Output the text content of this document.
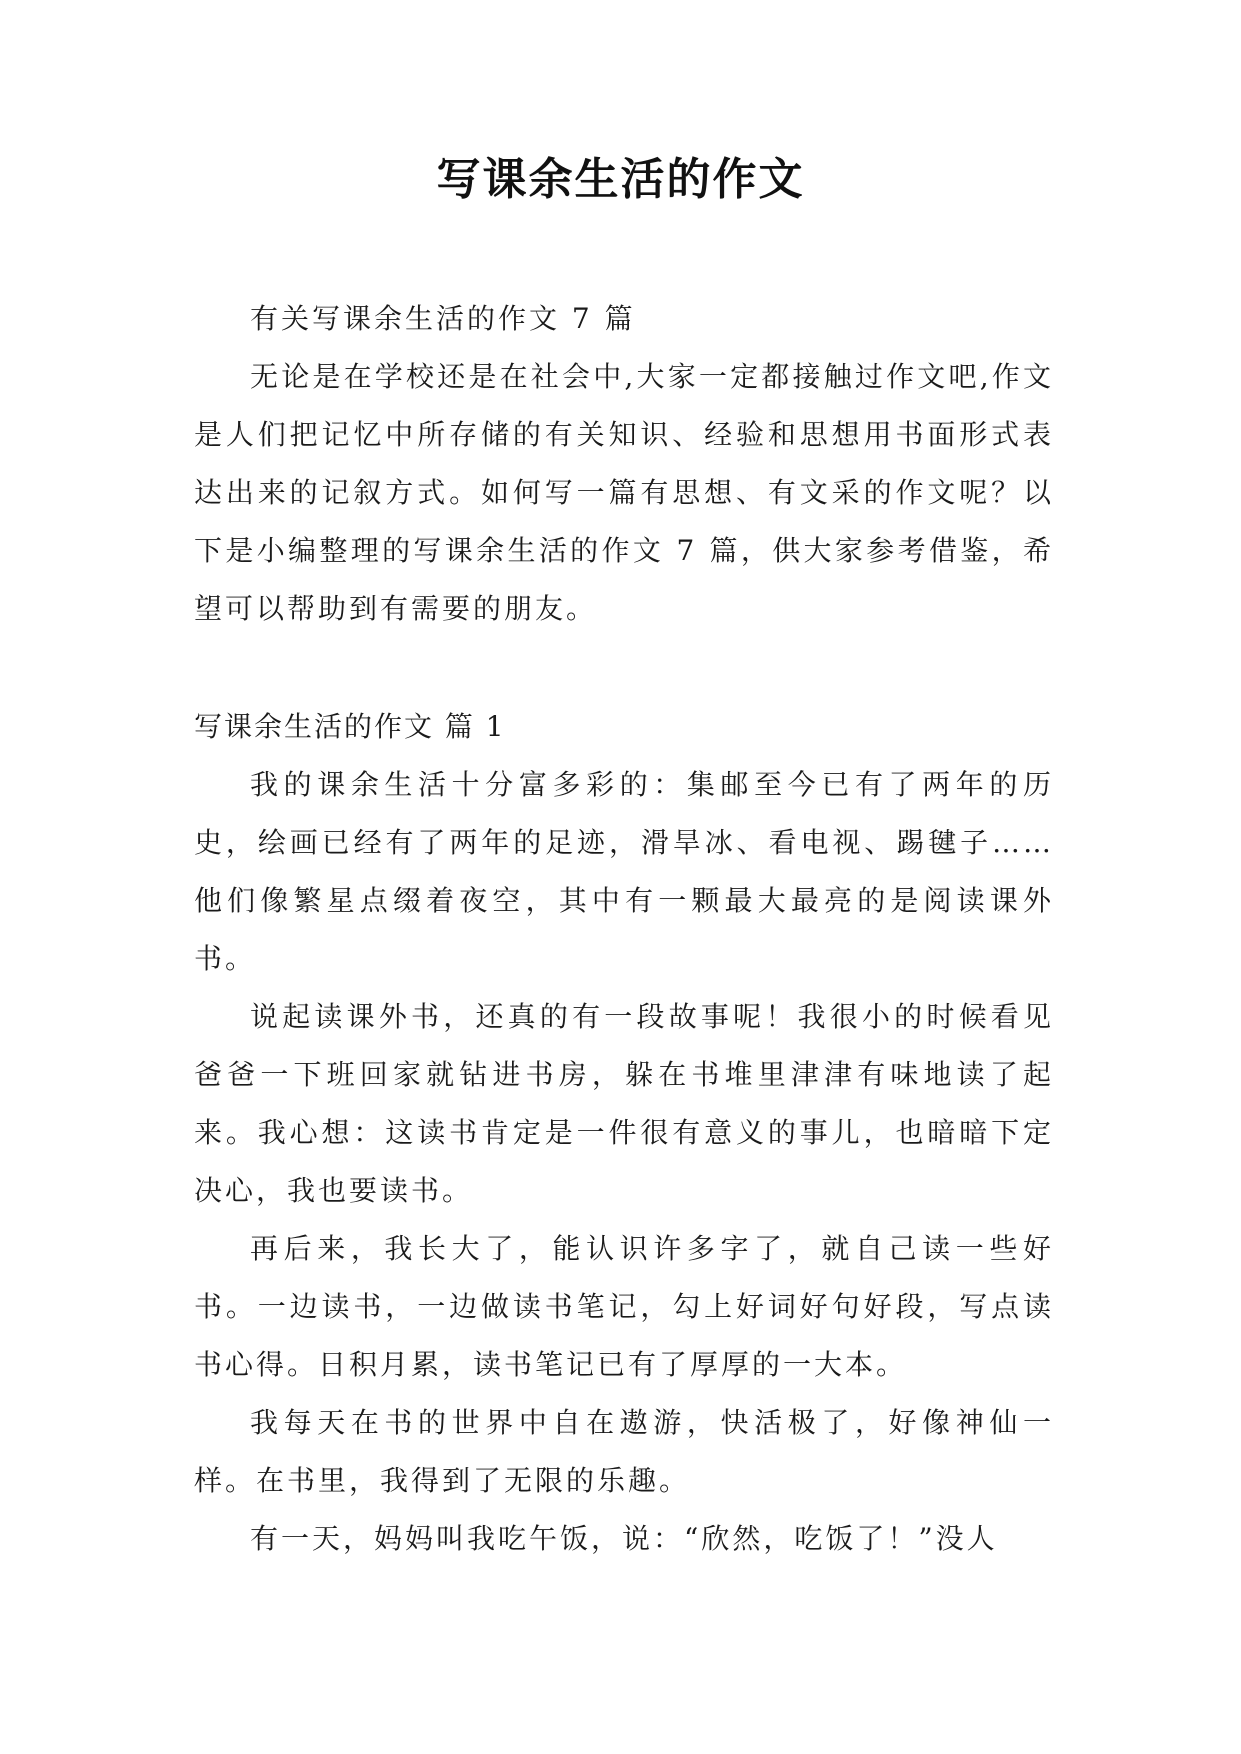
写课余生活的作文

有关写课余生活的作文 7 篇

无论是在学校还是在社会中,大家一定都接触过作文吧,作文是人们把记忆中所存储的有关知识、经验和思想用书面形式表达出来的记叙方式。如何写一篇有思想、有文采的作文呢？以下是小编整理的写课余生活的作文 7 篇，供大家参考借鉴，希望可以帮助到有需要的朋友。

写课余生活的作文 篇 1

我的课余生活十分富多彩的：集邮至今已有了两年的历史，绘画已经有了两年的足迹，滑旱冰、看电视、踢毽子……他们像繁星点缀着夜空，其中有一颗最大最亮的是阅读课外书。

说起读课外书，还真的有一段故事呢！我很小的时候看见爸爸一下班回家就钻进书房，躲在书堆里津津有味地读了起来。我心想：这读书肯定是一件很有意义的事儿，也暗暗下定决心，我也要读书。

再后来，我长大了，能认识许多字了，就自己读一些好书。一边读书，一边做读书笔记，勾上好词好句好段，写点读书心得。日积月累，读书笔记已有了厚厚的一大本。

我每天在书的世界中自在遨游，快活极了，好像神仙一样。在书里，我得到了无限的乐趣。

有一天，妈妈叫我吃午饭，说：“欣然，吃饭了！”没人
